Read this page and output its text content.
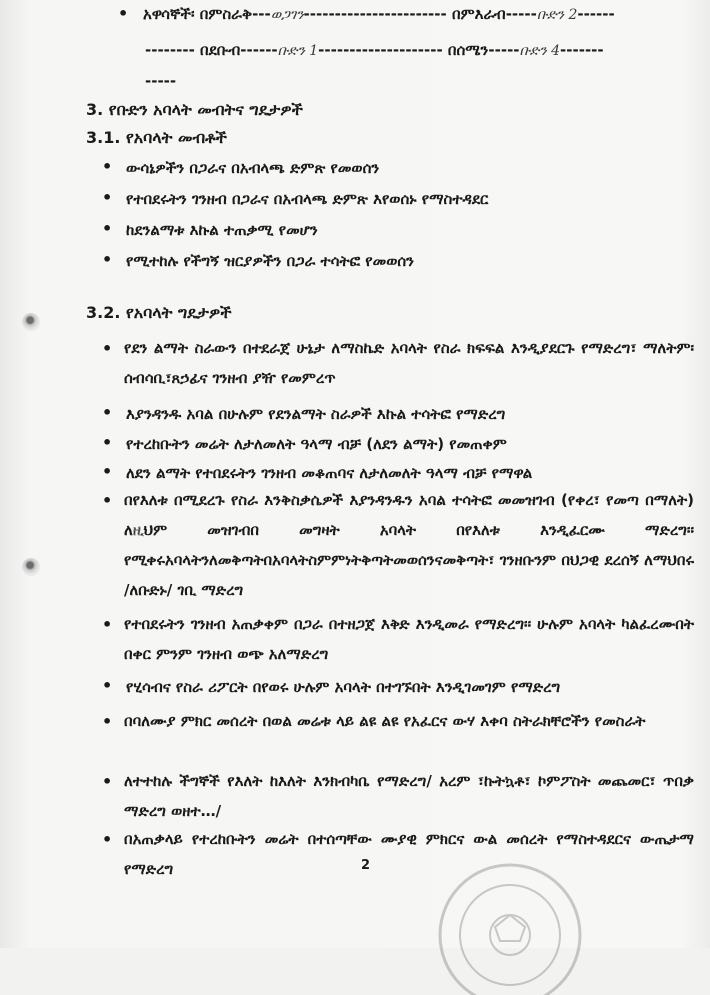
• አዋሳኞች፡ በምስራቅ---ወጋገን----------------------- በምእራብ-----ቡድን 2------
-------- በደቡብ------ቡድን 1-------------------- በሰሜን-----ቡድን 4-------
-----
3. የቡድን አባላት መብትና ግዴታዎች
3.1. የአባላት መብቶች
• ውሳኔዎችን በጋራና በአብላጫ ድምጽ የመወሰን
• የተበደሩትን ገንዘብ በጋራና በአብላጫ ድምጽ እየወሰኑ የማስተዳደር
• ከደንልማቱ እኩል ተጠቃሚ የመሆን
• የሚተከሉ የችግኝ ዝርያዎችን በጋራ ተሳትፎ የመወሰን
3.2. የአባላት ግዴታዎች
• የደን ልማት ስራውን በተደራጀ ሁኔታ ለማስኬድ አባላት የስራ ክፍፍል እንዲያደርጉ የማድረግ፣ ማለትም፡ ሰብሳቢ፣ጸኃፊና ገንዘብ ያዥ የመምረጥ
• እያንዳንዱ አባል በሁሉም የደንልማት ስራዎች እኩል ተሳትፎ የማድረግ
• የተረከቡትን መሬት ለታለመለት ዓላማ ብቻ (ለደን ልማት) የመጠቀም
• ለደን ልማት የተበደሩትን ገንዘብ መቆጠባና ለታለመለት ዓላማ ብቻ የማዋል
• በየእለቱ በሚደረጉ የስራ እንቅስቃሴዎች እያንዳንዱን አባል ተሳትፎ መመዝገብ (የቀረ፣ የመጣ በማለት) ለዚህም መዝገብበ መግዛት አባላት በየእለቱ እንዲፈርሙ ማድረግ፡፡ የሚቀሩአባላትንለመቅጣትበአባላትስምምነትቅጣትመወሰንናመቅጣት፣ ገንዘቡንም በህጋዊ ደረሰኝ ለማህበሩ /ለቡድኑ/ ገቢ ማድረግ
• የተበደሩትን ገንዘብ አጠቃቀም በጋራ በተዘጋጀ እቅድ እንዲመራ የማድረግ፡፡ ሁሉም አባላት ካልፈረሙበት በቀር ምንም ገንዘብ ወጭ አለማድረግ
• የሂሳብና የስራ ሪፖርት በየወሩ ሁሉም አባላት በተገኙበት እንዲገመገም የማድረግ
• በባለሙያ ምክር መሰረት በወል መሬቱ ላይ ልዩ ልዩ የአፈርና ውሃ እቀባ ስትራክቸሮችን የመስራት
• ለተተከሉ ችግኞች የእለት ከእለት እንክብካቤ የማድረግ/ አረም ፣ኩትኳቶ፣ ኮምፖስት መጨመር፣ ጥበቃ ማድረግ ወዘተ…/
• በአጠቃላይ የተረከቡትን መሬት በተሰጣቸው ሙያዊ ምክርና ውል መሰረት የማስተዳደርና ውጤታማ የማድረግ	2
